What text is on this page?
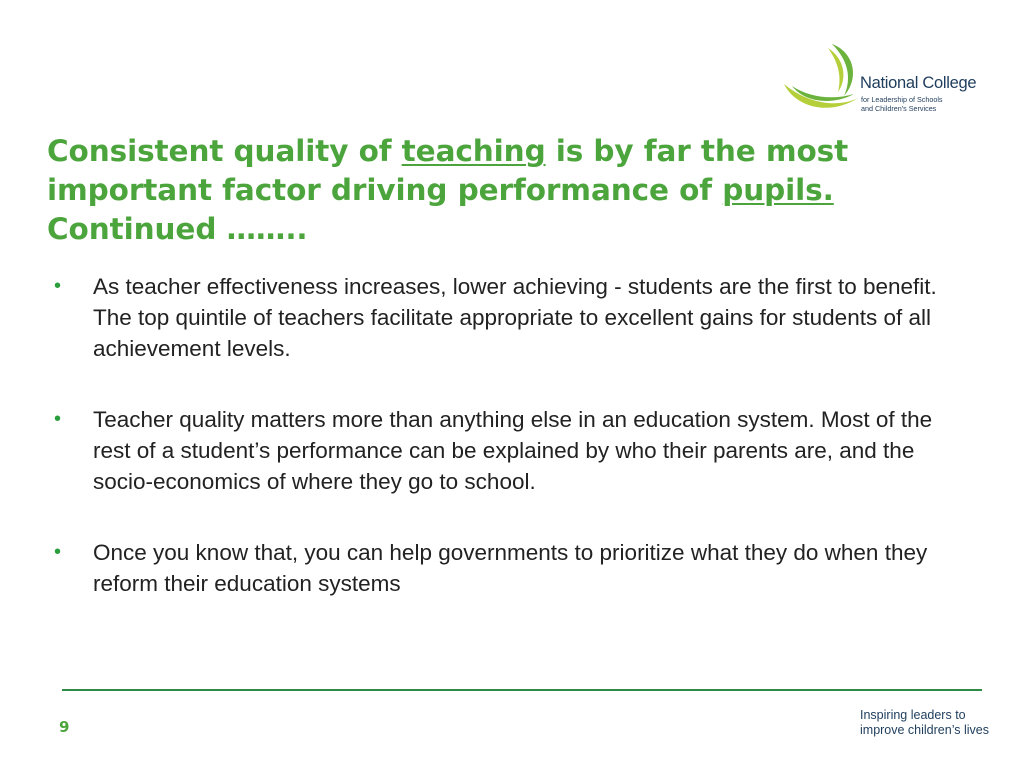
National College
for Leadership of Schools
and Children's Services
Consistent quality of teaching is by far the most important factor driving performance of pupils.
Continued ……..
• As teacher effectiveness increases, lower achieving - students are the first to benefit. The top quintile of teachers facilitate appropriate to excellent gains for students of all achievement levels.
• Teacher quality matters more than anything else in an education system. Most of the rest of a student’s performance can be explained by who their parents are, and the socio-economics of where they go to school.
• Once you know that, you can help governments to prioritize what they do when they reform their education systems
9
Inspiring leaders to
improve children’s lives
